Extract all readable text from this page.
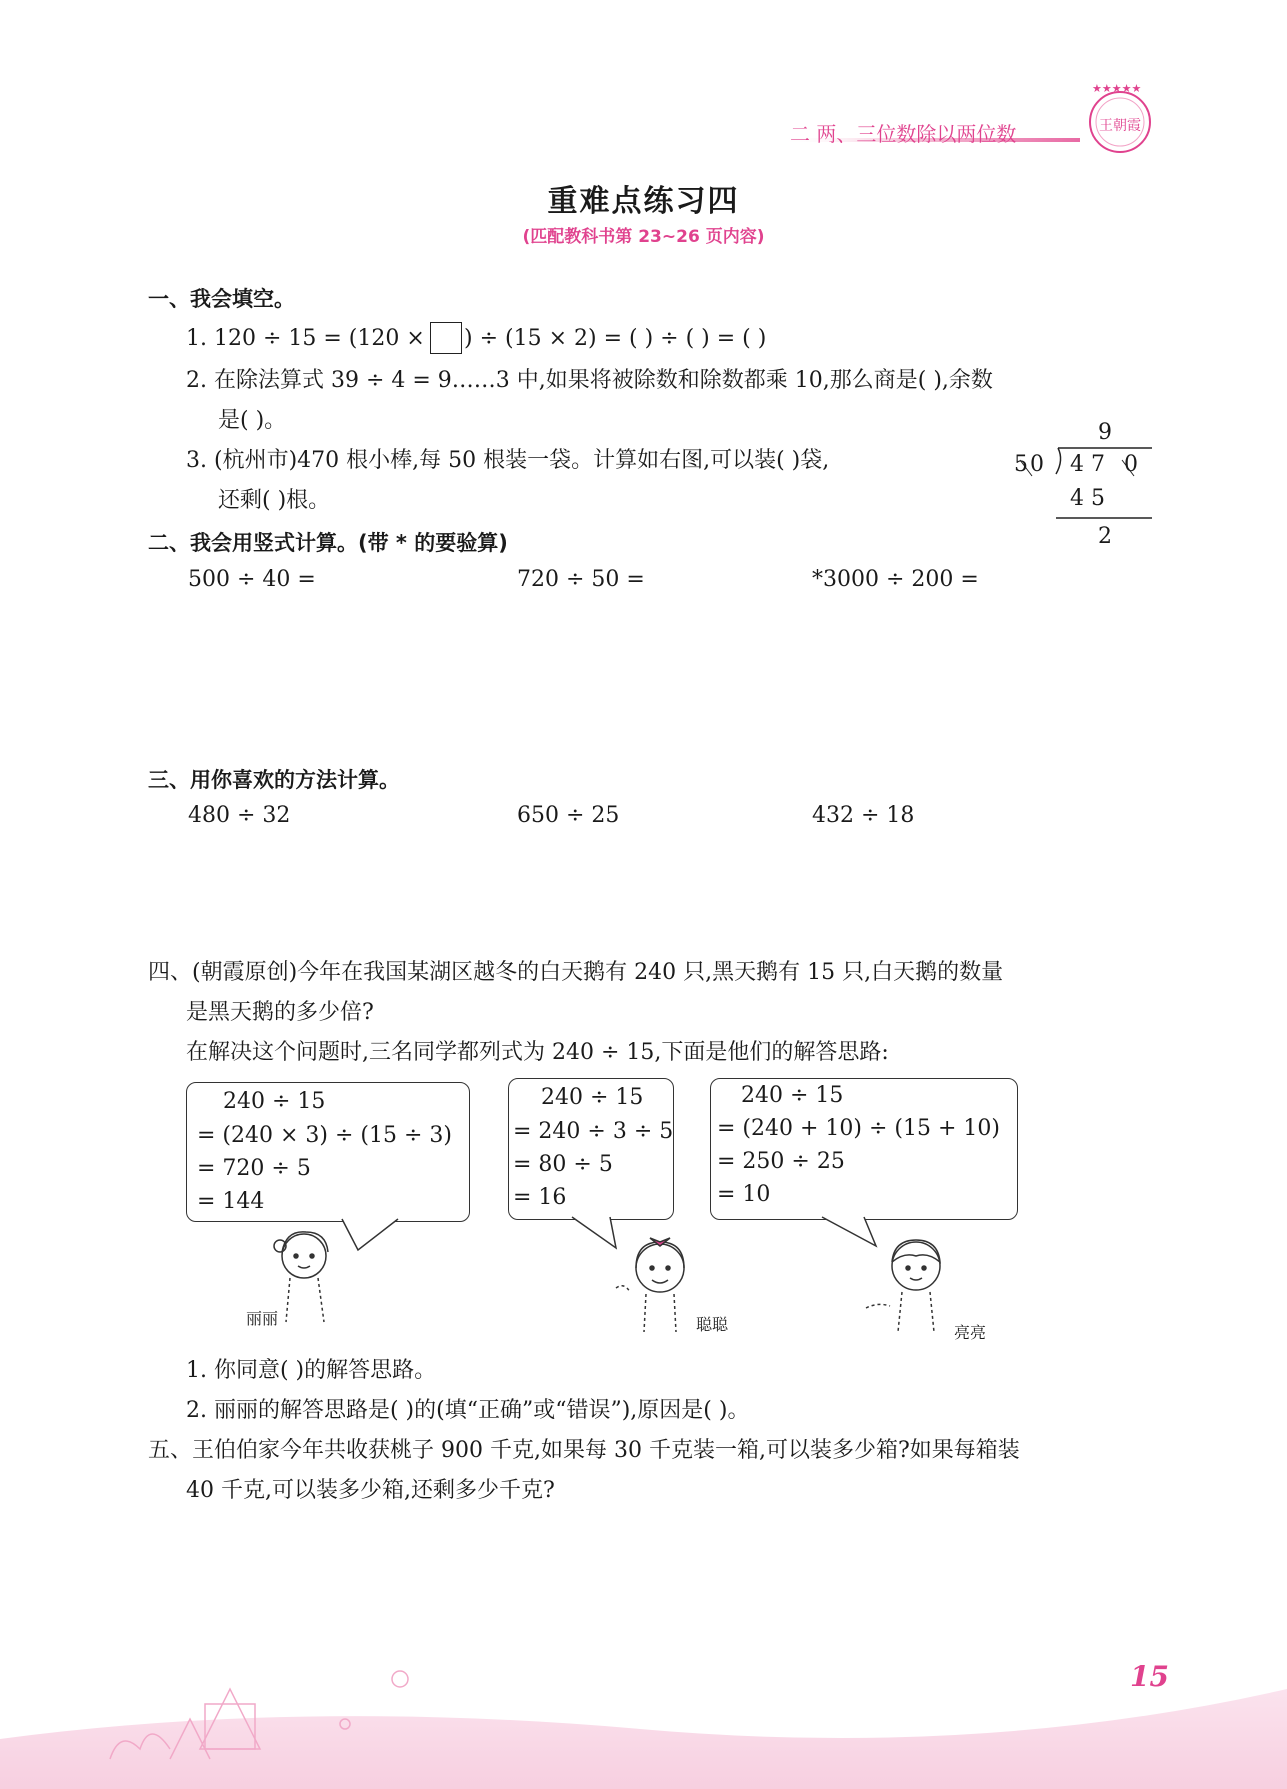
二 两、三位数除以两位数
★★★★★
王朝霞
重难点练习四
(匹配教科书第 23~26 页内容)
一、我会填空。
1. 120 ÷ 15 = (120 × ) ÷ (15 × 2) = ( ) ÷ ( ) = ( )
2. 在除法算式 39 ÷ 4 = 9……3 中,如果将被除数和除数都乘 10,那么商是( ),余数
是( )。
3. (杭州市)470 根小棒,每 50 根装一袋。计算如右图,可以装( )袋,
还剩( )根。
9
5 0 4 7 0
4 5
2
二、我会用竖式计算。(带 * 的要验算)
500 ÷ 40 =	720 ÷ 50 =	*3000 ÷ 200 =
三、用你喜欢的方法计算。
480 ÷ 32	650 ÷ 25	432 ÷ 18
四、(朝霞原创)今年在我国某湖区越冬的白天鹅有 240 只,黑天鹅有 15 只,白天鹅的数量
是黑天鹅的多少倍?
在解决这个问题时,三名同学都列式为 240 ÷ 15,下面是他们的解答思路:
240 ÷ 15
= (240 × 3) ÷ (15 ÷ 3)
= 720 ÷ 5
= 144
240 ÷ 15
= 240 ÷ 3 ÷ 5
= 80 ÷ 5
= 16
240 ÷ 15
= (240 + 10) ÷ (15 + 10)
= 250 ÷ 25
= 10
丽丽	聪聪	亮亮
1. 你同意( )的解答思路。
2. 丽丽的解答思路是( )的(填“正确”或“错误”),原因是( )。
五、王伯伯家今年共收获桃子 900 千克,如果每 30 千克装一箱,可以装多少箱?如果每箱装
40 千克,可以装多少箱,还剩多少千克?
15
